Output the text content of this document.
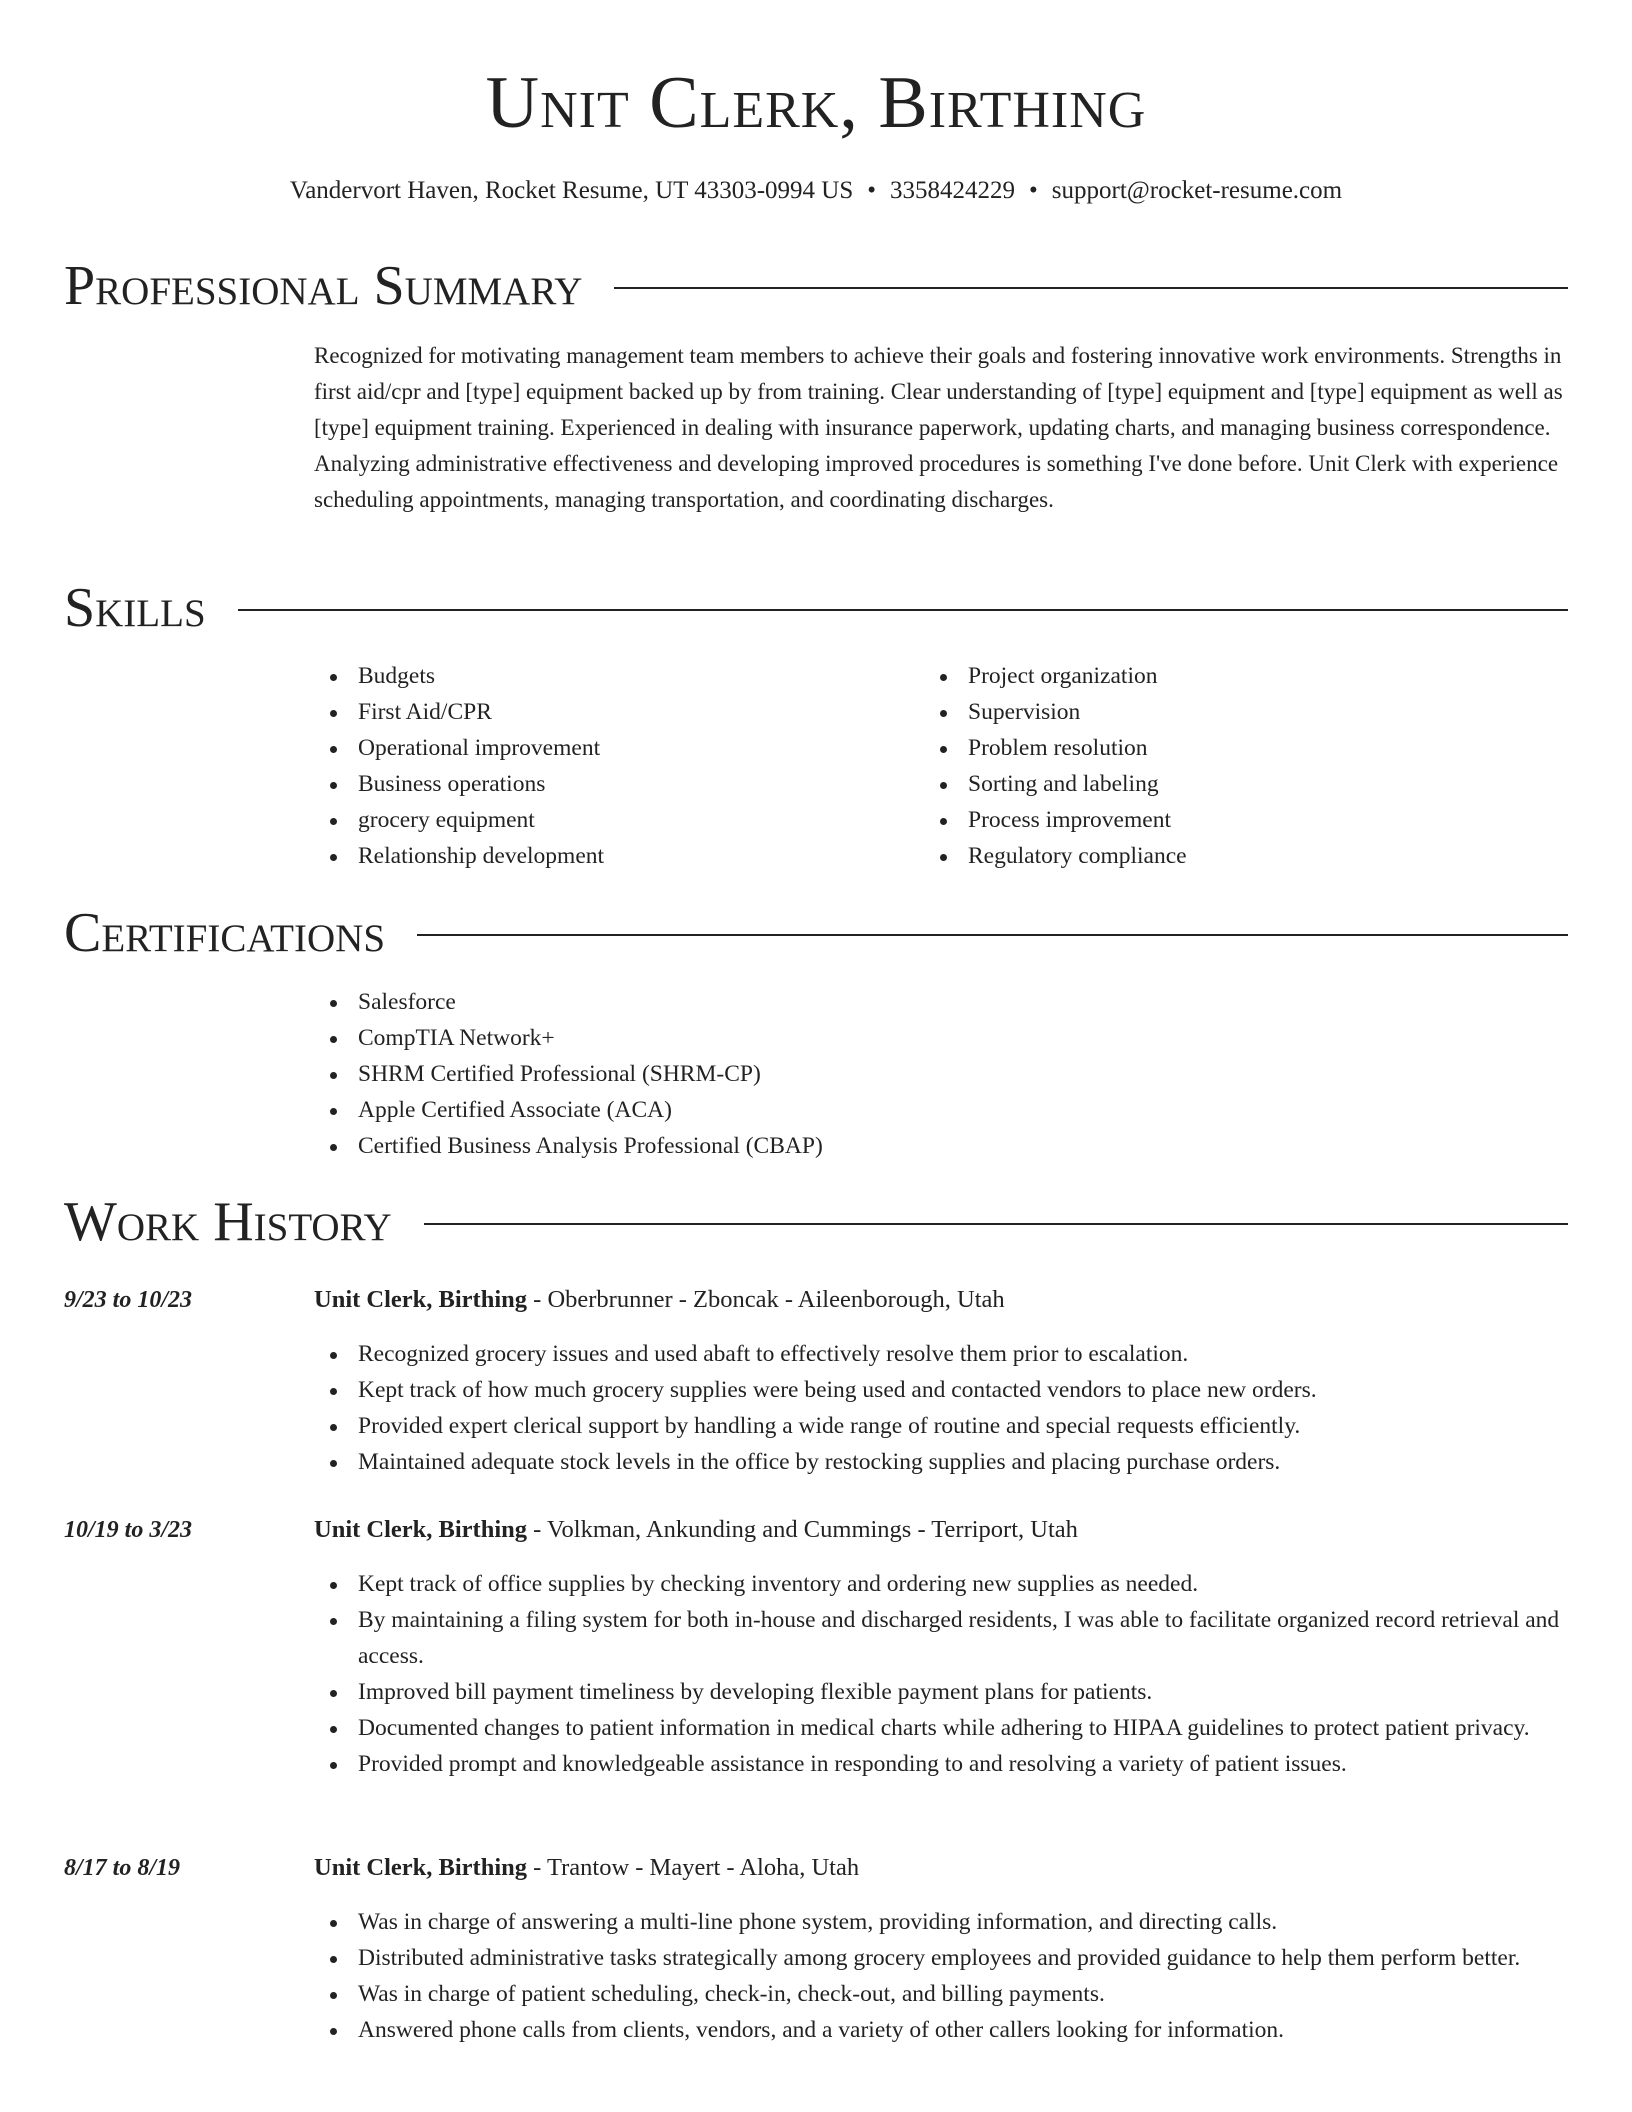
Unit Clerk, Birthing
Vandervort Haven, Rocket Resume, UT 43303-0994 US • 3358424229 • support@rocket-resume.com
Professional Summary
Recognized for motivating management team members to achieve their goals and fostering innovative work environments. Strengths in first aid/cpr and [type] equipment backed up by from training. Clear understanding of [type] equipment and [type] equipment as well as [type] equipment training. Experienced in dealing with insurance paperwork, updating charts, and managing business correspondence. Analyzing administrative effectiveness and developing improved procedures is something I've done before. Unit Clerk with experience scheduling appointments, managing transportation, and coordinating discharges.
Skills
Budgets
First Aid/CPR
Operational improvement
Business operations
grocery equipment
Relationship development
Project organization
Supervision
Problem resolution
Sorting and labeling
Process improvement
Regulatory compliance
Certifications
Salesforce
CompTIA Network+
SHRM Certified Professional (SHRM-CP)
Apple Certified Associate (ACA)
Certified Business Analysis Professional (CBAP)
Work History
9/23 to 10/23	Unit Clerk, Birthing - Oberbrunner - Zboncak - Aileenborough, Utah
Recognized grocery issues and used abaft to effectively resolve them prior to escalation.
Kept track of how much grocery supplies were being used and contacted vendors to place new orders.
Provided expert clerical support by handling a wide range of routine and special requests efficiently.
Maintained adequate stock levels in the office by restocking supplies and placing purchase orders.
10/19 to 3/23	Unit Clerk, Birthing - Volkman, Ankunding and Cummings - Terriport, Utah
Kept track of office supplies by checking inventory and ordering new supplies as needed.
By maintaining a filing system for both in-house and discharged residents, I was able to facilitate organized record retrieval and access.
Improved bill payment timeliness by developing flexible payment plans for patients.
Documented changes to patient information in medical charts while adhering to HIPAA guidelines to protect patient privacy.
Provided prompt and knowledgeable assistance in responding to and resolving a variety of patient issues.
8/17 to 8/19	Unit Clerk, Birthing - Trantow - Mayert - Aloha, Utah
Was in charge of answering a multi-line phone system, providing information, and directing calls.
Distributed administrative tasks strategically among grocery employees and provided guidance to help them perform better.
Was in charge of patient scheduling, check-in, check-out, and billing payments.
Answered phone calls from clients, vendors, and a variety of other callers looking for information.
